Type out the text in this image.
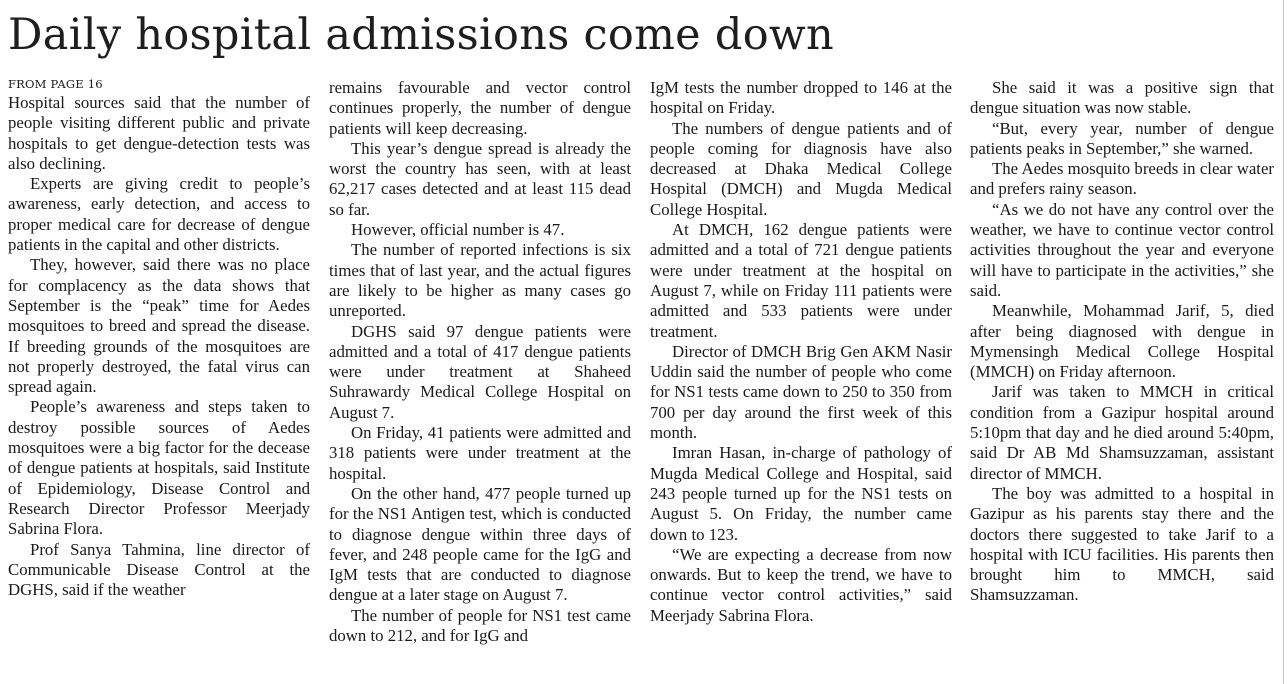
Daily hospital admissions come down
FROM PAGE 16

Hospital sources said that the number of people visiting different public and private hospitals to get dengue-detection tests was also declining.

Experts are giving credit to people’s awareness, early detection, and access to proper medical care for decrease of dengue patients in the capital and other districts.

They, however, said there was no place for complacency as the data shows that September is the “peak” time for Aedes mosquitoes to breed and spread the disease. If breeding grounds of the mosquitoes are not properly destroyed, the fatal virus can spread again.

People’s awareness and steps taken to destroy possible sources of Aedes mosquitoes were a big factor for the decease of dengue patients at hospitals, said Institute of Epidemiology, Disease Control and Research Director Professor Meerjady Sabrina Flora.

Prof Sanya Tahmina, line director of Communicable Disease Control at the DGHS, said if the weather

remains favourable and vector control continues properly, the number of dengue patients will keep decreasing.

This year’s dengue spread is already the worst the country has seen, with at least 62,217 cases detected and at least 115 dead so far.

However, official number is 47.

The number of reported infections is six times that of last year, and the actual figures are likely to be higher as many cases go unreported.

DGHS said 97 dengue patients were admitted and a total of 417 dengue patients were under treatment at Shaheed Suhrawardy Medical College Hospital on August 7.

On Friday, 41 patients were admitted and 318 patients were under treatment at the hospital.

On the other hand, 477 people turned up for the NS1 Antigen test, which is conducted to diagnose dengue within three days of fever, and 248 people came for the IgG and IgM tests that are conducted to diagnose dengue at a later stage on August 7.

The number of people for NS1 test came down to 212, and for IgG and

IgM tests the number dropped to 146 at the hospital on Friday.

The numbers of dengue patients and of people coming for diagnosis have also decreased at Dhaka Medical College Hospital (DMCH) and Mugda Medical College Hospital.

At DMCH, 162 dengue patients were admitted and a total of 721 dengue patients were under treatment at the hospital on August 7, while on Friday 111 patients were admitted and 533 patients were under treatment.

Director of DMCH Brig Gen AKM Nasir Uddin said the number of people who come for NS1 tests came down to 250 to 350 from 700 per day around the first week of this month.

Imran Hasan, in-charge of pathology of Mugda Medical College and Hospital, said 243 people turned up for the NS1 tests on August 5. On Friday, the number came down to 123.

“We are expecting a decrease from now onwards. But to keep the trend, we have to continue vector control activities,” said Meerjady Sabrina Flora.

She said it was a positive sign that dengue situation was now stable.

“But, every year, number of dengue patients peaks in September,” she warned.

The Aedes mosquito breeds in clear water and prefers rainy season.

“As we do not have any control over the weather, we have to continue vector control activities throughout the year and everyone will have to participate in the activities,” she said.

Meanwhile, Mohammad Jarif, 5, died after being diagnosed with dengue in Mymensingh Medical College Hospital (MMCH) on Friday afternoon.

Jarif was taken to MMCH in critical condition from a Gazipur hospital around 5:10pm that day and he died around 5:40pm, said Dr AB Md Shamsuzzaman, assistant director of MMCH.

The boy was admitted to a hospital in Gazipur as his parents stay there and the doctors there suggested to take Jarif to a hospital with ICU facilities. His parents then brought him to MMCH, said Shamsuzzaman.
